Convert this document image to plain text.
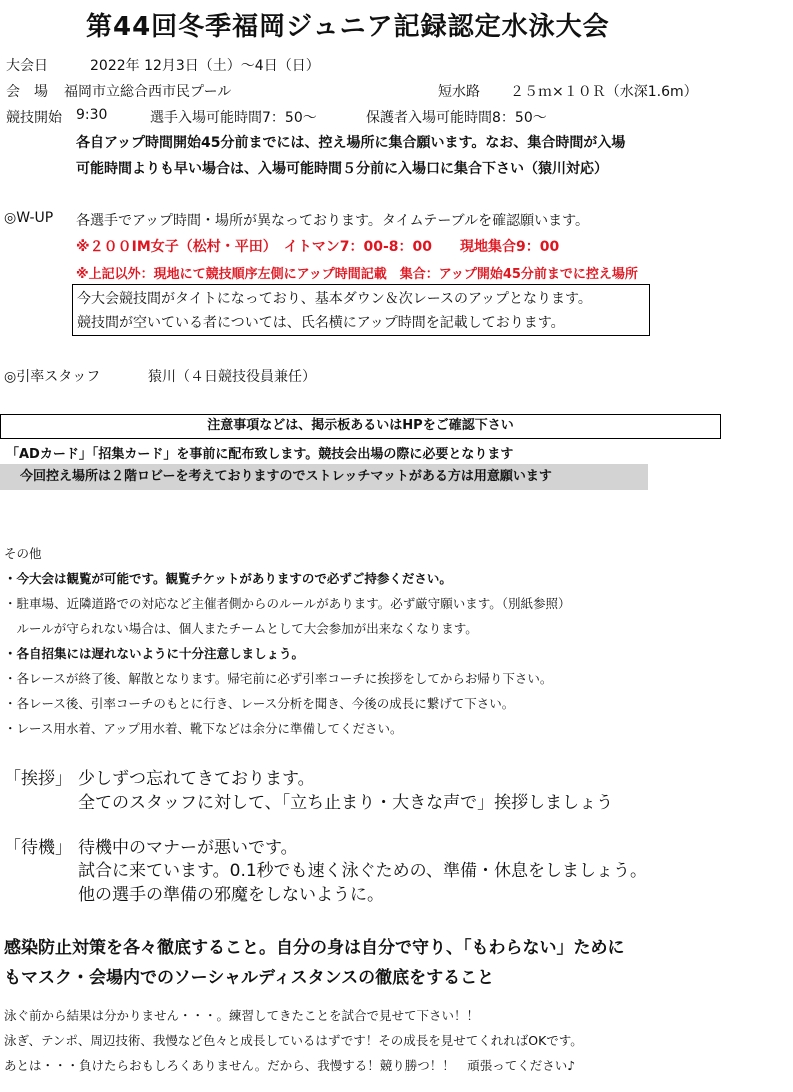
第44回冬季福岡ジュニア記録認定水泳大会
大会日	2022年 12月3日（土）～4日（日）
会　場 福岡市立総合西市民プール	短水路 ２５ｍ×１０Ｒ（水深1.6m）
競技開始 9:30	選手入場可能時間7：50～	保護者入場可能時間8：50～
各自アップ時間開始45分前までには、控え場所に集合願います。なお、集合時間が入場
可能時間よりも早い場合は、入場可能時間５分前に入場口に集合下さい（猿川対応）
◎W-UP 各選手でアップ時間・場所が異なっております。タイムテーブルを確認願います。
※２００IM女子（松村・平田）　イトマン7：00-8：00　　現地集合9：00
※上記以外：現地にて競技順序左側にアップ時間記載　集合：アップ開始45分前までに控え場所
今大会競技間がタイトになっており、基本ダウン＆次レースのアップとなります。
競技間が空いている者については、氏名横にアップ時間を記載しております。
◎引率スタッフ	猿川（４日競技役員兼任）
注意事項などは、掲示板あるいはHPをご確認下さい
「ADカード」「招集カード」を事前に配布致します。競技会出場の際に必要となります
今回控え場所は２階ロビーを考えておりますのでストレッチマットがある方は用意願います
その他
・今大会は観覧が可能です。観覧チケットがありますので必ずご持参ください。
・駐車場、近隣道路での対応など主催者側からのルールがあります。必ず厳守願います。（別紙参照）
　ルールが守られない場合は、個人またチームとして大会参加が出来なくなります。
・各自招集には遅れないように十分注意しましょう。
・各レースが終了後、解散となります。帰宅前に必ず引率コーチに挨拶をしてからお帰り下さい。
・各レース後、引率コーチのもとに行き、レース分析を聞き、今後の成長に繋げて下さい。
・レース用水着、アップ用水着、靴下などは余分に準備してください。
「挨拶」 少しずつ忘れてきております。
全てのスタッフに対して、「立ち止まり・大きな声で」挨拶しましょう
「待機」 待機中のマナーが悪いです。
試合に来ています。0.1秒でも速く泳ぐための、準備・休息をしましょう。
他の選手の準備の邪魔をしないように。
感染防止対策を各々徹底すること。自分の身は自分で守り、「もわらない」ために
もマスク・会場内でのソーシャルディスタンスの徹底をすること
泳ぐ前から結果は分かりません・・・。練習してきたことを試合で見せて下さい！！
泳ぎ、テンポ、周辺技術、我慢など色々と成長しているはずです！その成長を見せてくれればOKです。
あとは・・・負けたらおもしろくありません。だから、我慢する！競り勝つ！！　頑張ってください♪
